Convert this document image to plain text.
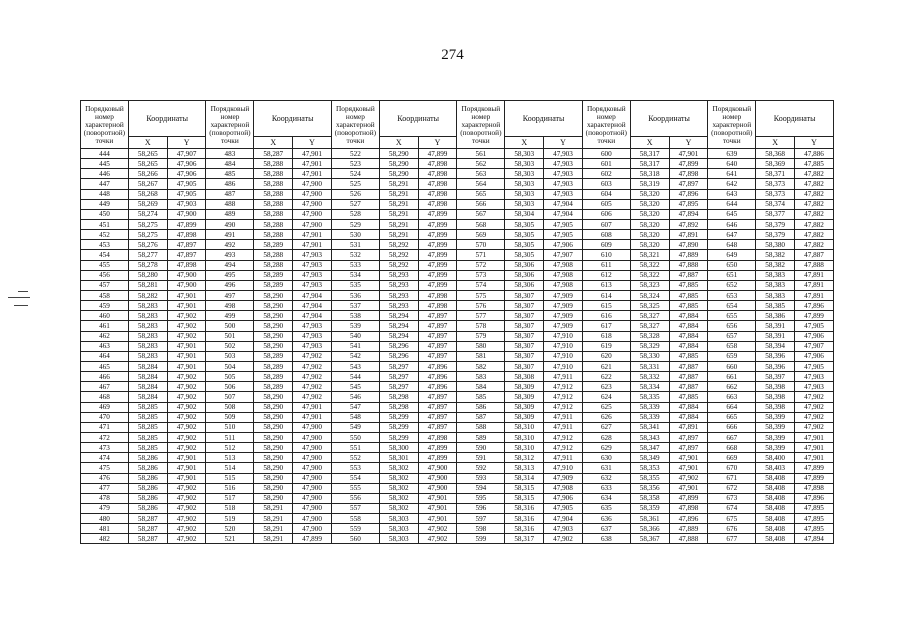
274
Порядковый номер характерной (поворотной) точки	Координаты		Порядковый номер характерной (поворотной) точки	Координаты		Порядковый номер характерной (поворотной) точки	Координаты		Порядковый номер характерной (поворотной) точки	Координаты		Порядковый номер характерной (поворотной) точки	Координаты		Порядковый номер характерной (поворотной) точки	Координаты	
	X	Y		X	Y		X	Y		X	Y		X	Y		X	Y
444	58,265	47,907	483	58,287	47,901	522	58,290	47,899	561	58,303	47,903	600	58,317	47,901	639	58,368	47,886
445	58,265	47,906	484	58,288	47,901	523	58,290	47,898	562	58,303	47,903	601	58,317	47,899	640	58,369	47,885
446	58,266	47,906	485	58,288	47,901	524	58,290	47,898	563	58,303	47,903	602	58,318	47,898	641	58,371	47,882
447	58,267	47,905	486	58,288	47,900	525	58,291	47,898	564	58,303	47,903	603	58,319	47,897	642	58,373	47,882
448	58,268	47,905	487	58,288	47,900	526	58,291	47,898	565	58,303	47,903	604	58,320	47,896	643	58,373	47,882
449	58,269	47,903	488	58,288	47,900	527	58,291	47,898	566	58,303	47,904	605	58,320	47,895	644	58,374	47,882
450	58,274	47,900	489	58,288	47,900	528	58,291	47,899	567	58,304	47,904	606	58,320	47,894	645	58,377	47,882
451	58,275	47,899	490	58,288	47,900	529	58,291	47,899	568	58,305	47,905	607	58,320	47,892	646	58,379	47,882
452	58,275	47,898	491	58,288	47,901	530	58,291	47,899	569	58,305	47,905	608	58,320	47,891	647	58,379	47,882
453	58,276	47,897	492	58,289	47,901	531	58,292	47,899	570	58,305	47,906	609	58,320	47,890	648	58,380	47,882
454	58,277	47,897	493	58,288	47,903	532	58,292	47,899	571	58,305	47,907	610	58,321	47,889	649	58,382	47,887
455	58,278	47,898	494	58,288	47,903	533	58,292	47,899	572	58,306	47,908	611	58,322	47,888	650	58,382	47,888
456	58,280	47,900	495	58,289	47,903	534	58,293	47,899	573	58,306	47,908	612	58,322	47,887	651	58,383	47,891
457	58,281	47,900	496	58,289	47,903	535	58,293	47,899	574	58,306	47,908	613	58,323	47,885	652	58,383	47,891
458	58,282	47,901	497	58,290	47,904	536	58,293	47,898	575	58,307	47,909	614	58,324	47,885	653	58,383	47,891
459	58,283	47,901	498	58,290	47,904	537	58,293	47,898	576	58,307	47,909	615	58,325	47,885	654	58,385	47,896
460	58,283	47,902	499	58,290	47,904	538	58,294	47,897	577	58,307	47,909	616	58,327	47,884	655	58,386	47,899
461	58,283	47,902	500	58,290	47,903	539	58,294	47,897	578	58,307	47,909	617	58,327	47,884	656	58,391	47,905
462	58,283	47,902	501	58,290	47,903	540	58,294	47,897	579	58,307	47,910	618	58,328	47,884	657	58,391	47,906
463	58,283	47,901	502	58,290	47,903	541	58,296	47,897	580	58,307	47,910	619	58,329	47,884	658	58,394	47,907
464	58,283	47,901	503	58,289	47,902	542	58,296	47,897	581	58,307	47,910	620	58,330	47,885	659	58,396	47,906
465	58,284	47,901	504	58,289	47,902	543	58,297	47,896	582	58,307	47,910	621	58,331	47,887	660	58,396	47,905
466	58,284	47,902	505	58,289	47,902	544	58,297	47,896	583	58,308	47,911	622	58,332	47,887	661	58,397	47,903
467	58,284	47,902	506	58,289	47,902	545	58,297	47,896	584	58,309	47,912	623	58,334	47,887	662	58,398	47,903
468	58,284	47,902	507	58,290	47,902	546	58,298	47,897	585	58,309	47,912	624	58,335	47,885	663	58,398	47,902
469	58,285	47,902	508	58,290	47,901	547	58,298	47,897	586	58,309	47,912	625	58,339	47,884	664	58,398	47,902
470	58,285	47,902	509	58,290	47,901	548	58,299	47,897	587	58,309	47,911	626	58,339	47,884	665	58,399	47,902
471	58,285	47,902	510	58,290	47,900	549	58,299	47,897	588	58,310	47,911	627	58,341	47,891	666	58,399	47,902
472	58,285	47,902	511	58,290	47,900	550	58,299	47,898	589	58,310	47,912	628	58,343	47,897	667	58,399	47,901
473	58,285	47,902	512	58,290	47,900	551	58,300	47,899	590	58,310	47,912	629	58,347	47,897	668	58,399	47,901
474	58,286	47,901	513	58,290	47,900	552	58,301	47,899	591	58,312	47,911	630	58,349	47,901	669	58,400	47,901
475	58,286	47,901	514	58,290	47,900	553	58,302	47,900	592	58,313	47,910	631	58,353	47,901	670	58,403	47,899
476	58,286	47,901	515	58,290	47,900	554	58,302	47,900	593	58,314	47,909	632	58,355	47,902	671	58,408	47,899
477	58,286	47,902	516	58,290	47,900	555	58,302	47,900	594	58,315	47,908	633	58,356	47,901	672	58,408	47,898
478	58,286	47,902	517	58,290	47,900	556	58,302	47,901	595	58,315	47,906	634	58,358	47,899	673	58,408	47,896
479	58,286	47,902	518	58,291	47,900	557	58,302	47,901	596	58,316	47,905	635	58,359	47,898	674	58,408	47,895
480	58,287	47,902	519	58,291	47,900	558	58,303	47,901	597	58,316	47,904	636	58,361	47,896	675	58,408	47,895
481	58,287	47,902	520	58,291	47,900	559	58,303	47,902	598	58,316	47,903	637	58,366	47,889	676	58,408	47,895
482	58,287	47,902	521	58,291	47,899	560	58,303	47,902	599	58,317	47,902	638	58,367	47,888	677	58,408	47,894
